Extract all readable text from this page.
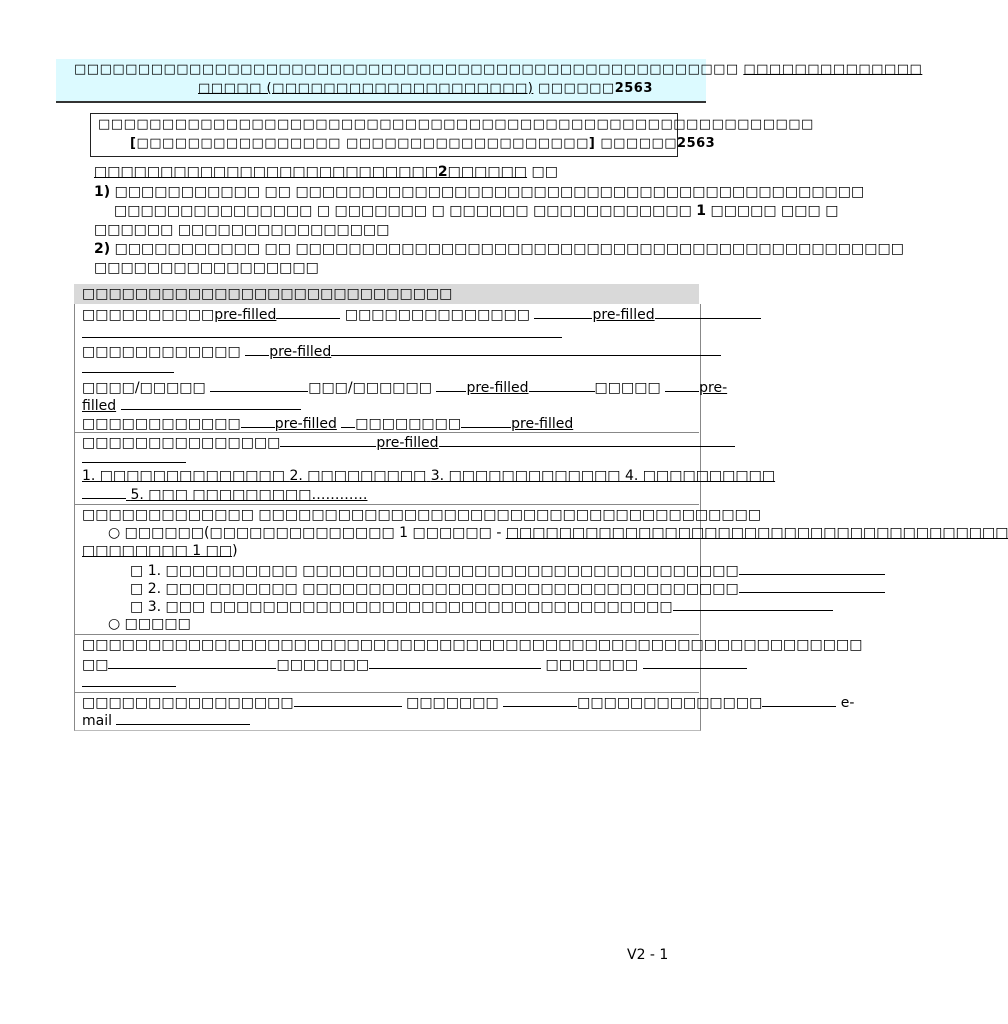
□□□□□□□□□□□□□□□□□□□□□□□□□□□□□□□□□□□□□□□□□□□□□□□□□□□□ □□□□□□□□□□□□□□
□□□□□ (□□□□□□□□□□□□□□□□□□□□) □□□□□□2563
□□□□□□□□□□□□□□□□□□□□□□□□□□□□□□□□□□□□□□□□□□□□□□□□□□□□□□□□
[□□□□□□□□□□□□□□□□ □□□□□□□□□□□□□□□□□□□] □□□□□□2563
□□□□□□□□□□□□□□□□□□□□□□□□□□2□□□□□□ □□
1) □□□□□□□□□□□ □□ □□□□□□□□□□□□□□□□□□□□□□□□□□□□□□□□□□□□□□□□□□□
□□□□□□□□□□□□□□□ □ □□□□□□□ □ □□□□□□ □□□□□□□□□□□□ 1 □□□□□ □□□ □
□□□□□□ □□□□□□□□□□□□□□□□
2) □□□□□□□□□□□ □□ □□□□□□□□□□□□□□□□□□□□□□□□□□□□□□□□□□□□□□□□□□□□□□
□□□□□□□□□□□□□□□□□
□□□□□□□□□□□□□□□□□□□□□□□□□□□□
□□□□□□□□□□pre-filled	□□□□□□□□□□□□□□	pre-filled
□□□□□□□□□□□□ pre-filled
□□□□/□□□□□	□□□/□□□□□□ pre-filled	□□□□□	pre-
filled
□□□□□□□□□□□□ pre-filled □□□□□□□□	pre-filled
□□□□□□□□□□□□□□□	pre-filled
1. □□□□□□□□□□□□□□ 2. □□□□□□□□□ 3. □□□□□□□□□□□□□ 4. □□□□□□□□□□
5. □□□ □□□□□□□□□…………
□□□□□□□□□□□□□ □□□□□□□□□□□□□□□□□□□□□□□□□□□□□□□□□□□□□□
○ □□□□□□(□□□□□□□□□□□□□□ 1 □□□□□□ - □□□□□□□□□□□□□□□□□□□□□□□□□□□□□□□□□□□□□□
□□□□□□□□ 1 □□)
□ 1. □□□□□□□□□□ □□□□□□□□□□□□□□□□□□□□□□□□□□□□□□□□□
□ 2. □□□□□□□□□□ □□□□□□□□□□□□□□□□□□□□□□□□□□□□□□□□□
□ 3. □□□ □□□□□□□□□□□□□□□□□□□□□□□□□□□□□□□□□□□
○ □□□□□
□□□□□□□□□□□□□□□□□□□□□□□□□□□□□□□□□□□□□□□□□□□□□□□□□□□□□□□□□□□
□□	□□□□□□□	□□□□□□□
□□□□□□□□□□□□□□□□	□□□□□□□	□□□□□□□□□□□□□□	e-
mail
V2 - 1
